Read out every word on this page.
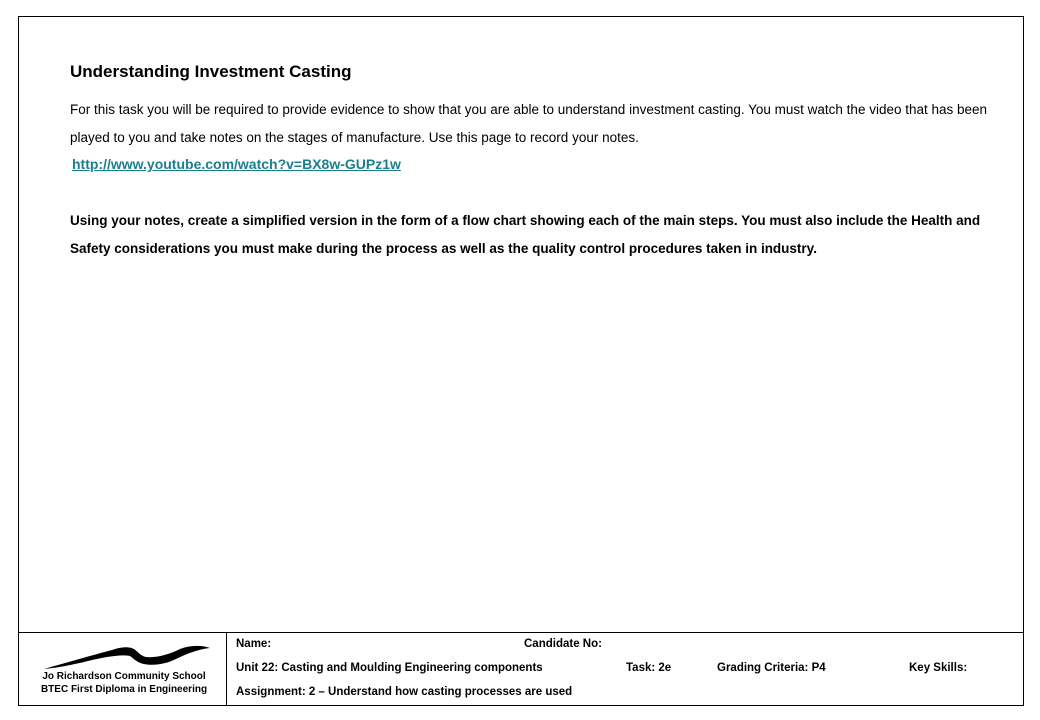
Understanding Investment Casting

For this task you will be required to provide evidence to show that you are able to understand investment casting. You must watch the video that has been played to you and take notes on the stages of manufacture. Use this page to record your notes.

http://www.youtube.com/watch?v=BX8w-GUPz1w

Using your notes, create a simplified version in the form of a flow chart showing each of the main steps. You must also include the Health and Safety considerations you must make during the process as well as the quality control procedures taken in industry.

Jo Richardson Community School
BTEC First Diploma in Engineering
Name:	Candidate No:
Unit 22: Casting and Moulding Engineering components	Task: 2e	Grading Criteria: P4	Key Skills:
Assignment: 2 – Understand how casting processes are used
